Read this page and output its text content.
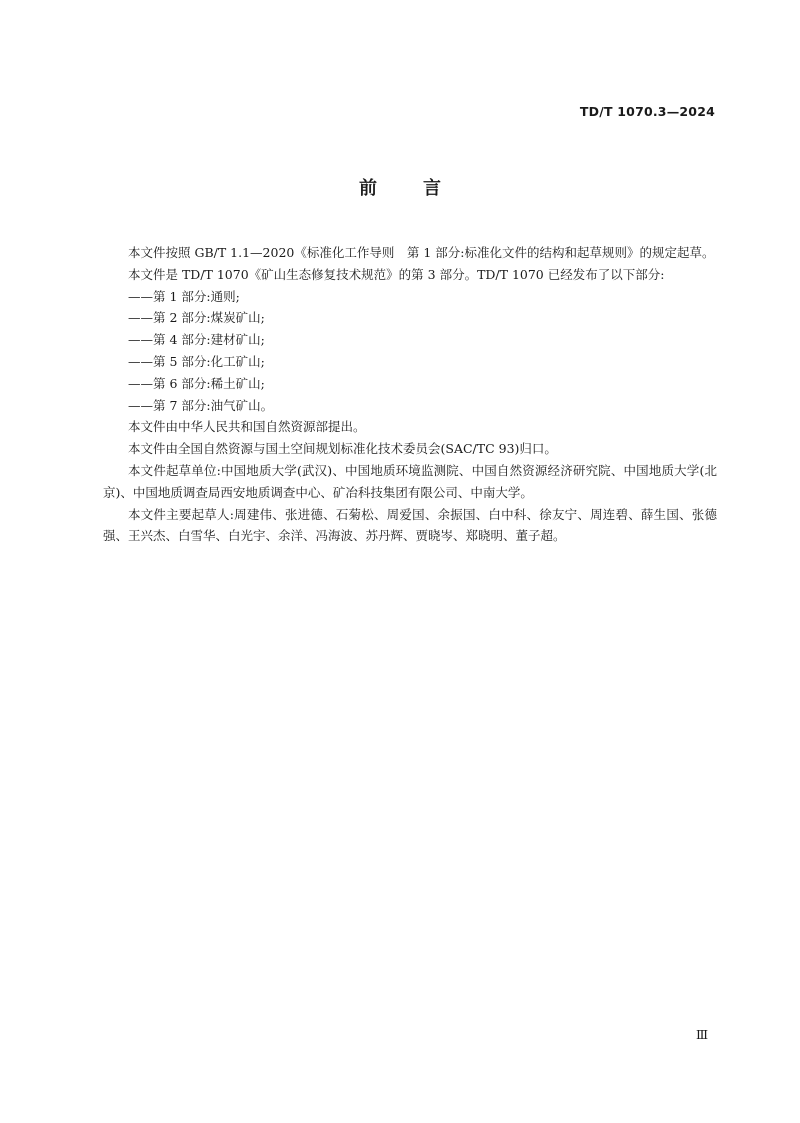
TD/T 1070.3—2024
前言

本文件按照 GB/T 1.1—2020《标准化工作导则　第 1 部分:标准化文件的结构和起草规则》的规定起草。

本文件是 TD/T 1070《矿山生态修复技术规范》的第 3 部分。TD/T 1070 已经发布了以下部分:

——第 1 部分:通则;
——第 2 部分:煤炭矿山;
——第 4 部分:建材矿山;
——第 5 部分:化工矿山;
——第 6 部分:稀土矿山;
——第 7 部分:油气矿山。

本文件由中华人民共和国自然资源部提出。

本文件由全国自然资源与国土空间规划标准化技术委员会(SAC/TC 93)归口。

本文件起草单位:中国地质大学(武汉)、中国地质环境监测院、中国自然资源经济研究院、中国地质大学(北京)、中国地质调查局西安地质调查中心、矿冶科技集团有限公司、中南大学。

本文件主要起草人:周建伟、张进德、石菊松、周爱国、余振国、白中科、徐友宁、周连碧、薛生国、张德强、王兴杰、白雪华、白光宇、余洋、冯海波、苏丹辉、贾晓岑、郑晓明、董子超。

Ⅲ
